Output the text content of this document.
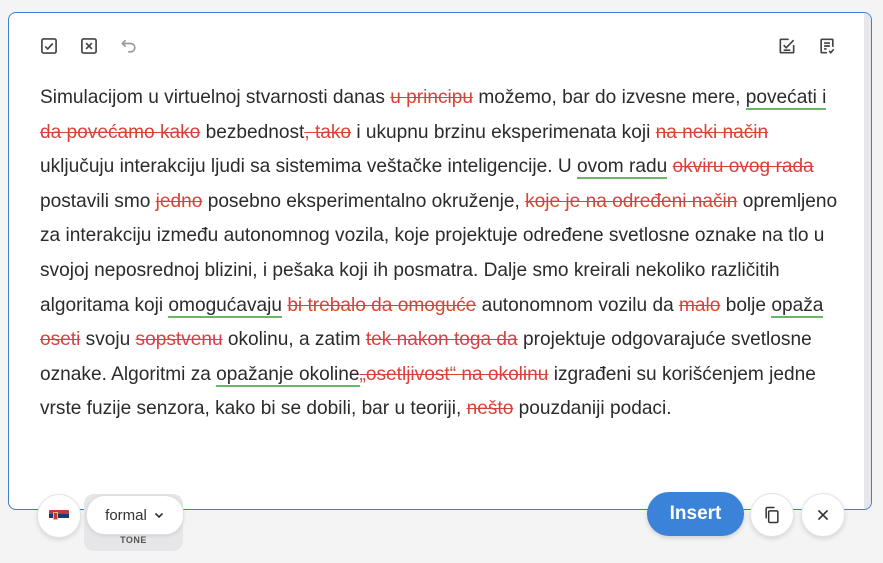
Simulacijom u virtuelnoj stvarnosti danas u principu možemo, bar do izvesne mere, povećati i da povećamo kako bezbednost, tako i ukupnu brzinu eksperimenata koji na neki način uključuju interakciju ljudi sa sistemima veštačke inteligencije. U ovom radu okviru ovog rada postavili smo jedno posebno eksperimentalno okruženje, koje je na određeni način opremljeno za interakciju između autonomnog vozila, koje projektuje određene svetlosne oznake na tlo u svojoj neposrednoj blizini, i pešaka koji ih posmatra. Dalje smo kreirali nekoliko različitih algoritama koji omogućavaju bi trebalo da omoguće autonomnom vozilu da malo bolje opaža oseti svoju sopstvenu okolinu, a zatim tek nakon toga da projektuje odgovarajuće svetlosne oznake. Algoritmi za opažanje okoline„osetljivost“ na okolinu izgrađeni su korišćenjem jedne vrste fuzije senzora, kako bi se dobili, bar u teoriji, nešto pouzdaniji podaci.
formal
TONE
Insert
